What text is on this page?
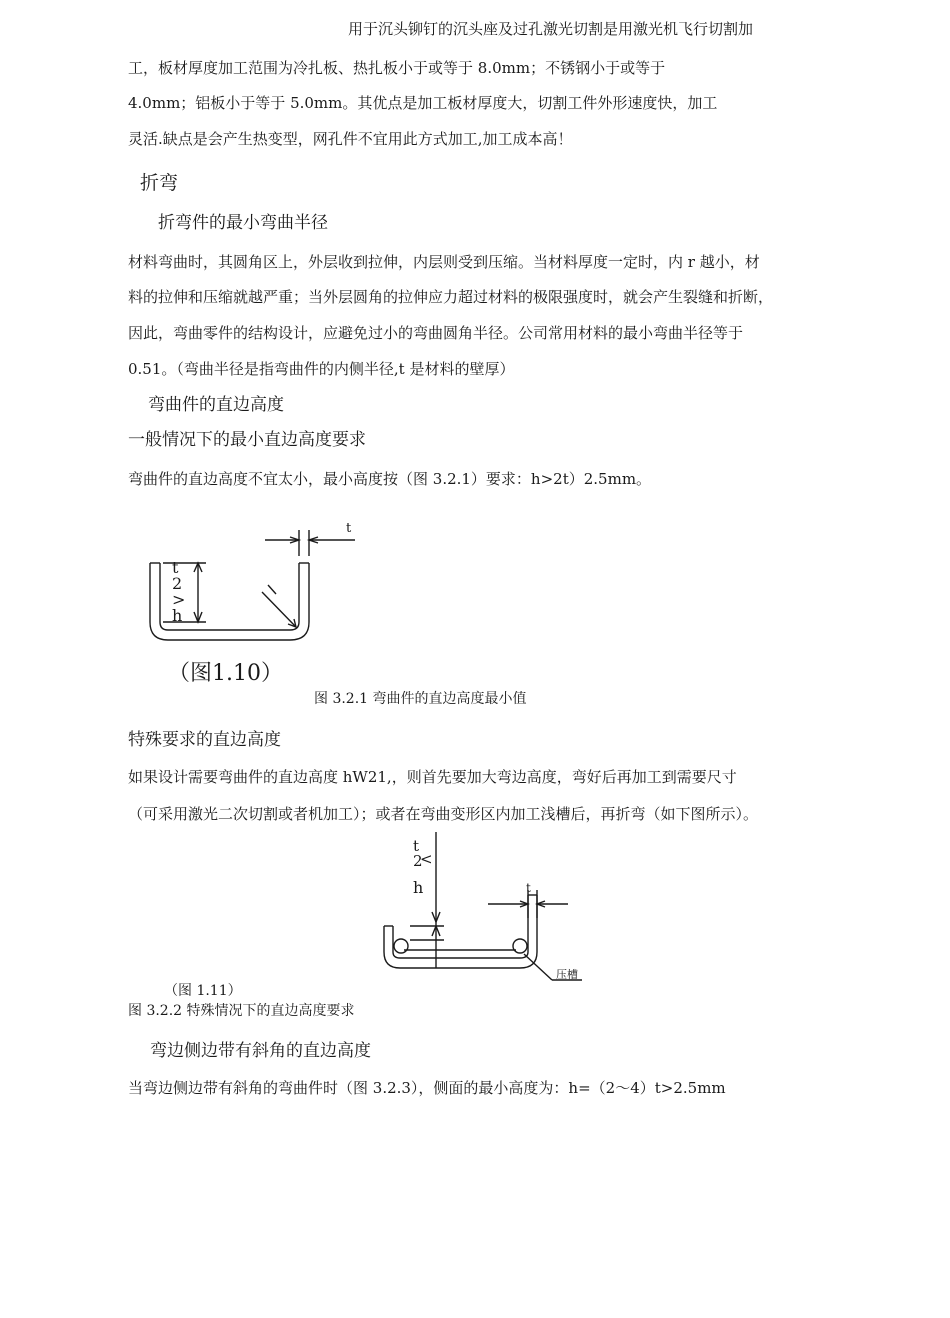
用于沉头铆钉的沉头座及过孔激光切割是用激光机飞行切割加
工，板材厚度加工范围为冷扎板、热扎板小于或等于 8.0mm；不锈钢小于或等于
4.0mm；铝板小于等于 5.0mm。其优点是加工板材厚度大，切割工件外形速度快，加工
灵活.缺点是会产生热变型，网孔件不宜用此方式加工,加工成本高！
折弯
折弯件的最小弯曲半径
材料弯曲时，其圆角区上，外层收到拉伸，内层则受到压缩。当材料厚度一定时，内 r 越小，材
料的拉伸和压缩就越严重；当外层圆角的拉伸应力超过材料的极限强度时，就会产生裂缝和折断，
因此，弯曲零件的结构设计，应避免过小的弯曲圆角半径。公司常用材料的最小弯曲半径等于
0.51。（弯曲半径是指弯曲件的内侧半径,t 是材料的壁厚）
弯曲件的直边高度
一般情况下的最小直边高度要求
弯曲件的直边高度不宜太小，最小高度按（图 3.2.1）要求：h>2t）2.5mm。
t
t
2
>
h
（图1.10）
图 3.2.1 弯曲件的直边高度最小值
特殊要求的直边高度
如果设计需要弯曲件的直边高度 hW21,，则首先要加大弯边高度，弯好后再加工到需要尺寸
（可采用激光二次切割或者机加工）；或者在弯曲变形区内加工浅槽后，再折弯（如下图所示）。
t
2
<
h	t
压槽
（图 1.11）
图 3.2.2 特殊情况下的直边高度要求
弯边侧边带有斜角的直边高度
当弯边侧边带有斜角的弯曲件时（图 3.2.3），侧面的最小高度为：h=（2～4）t>2.5mm
